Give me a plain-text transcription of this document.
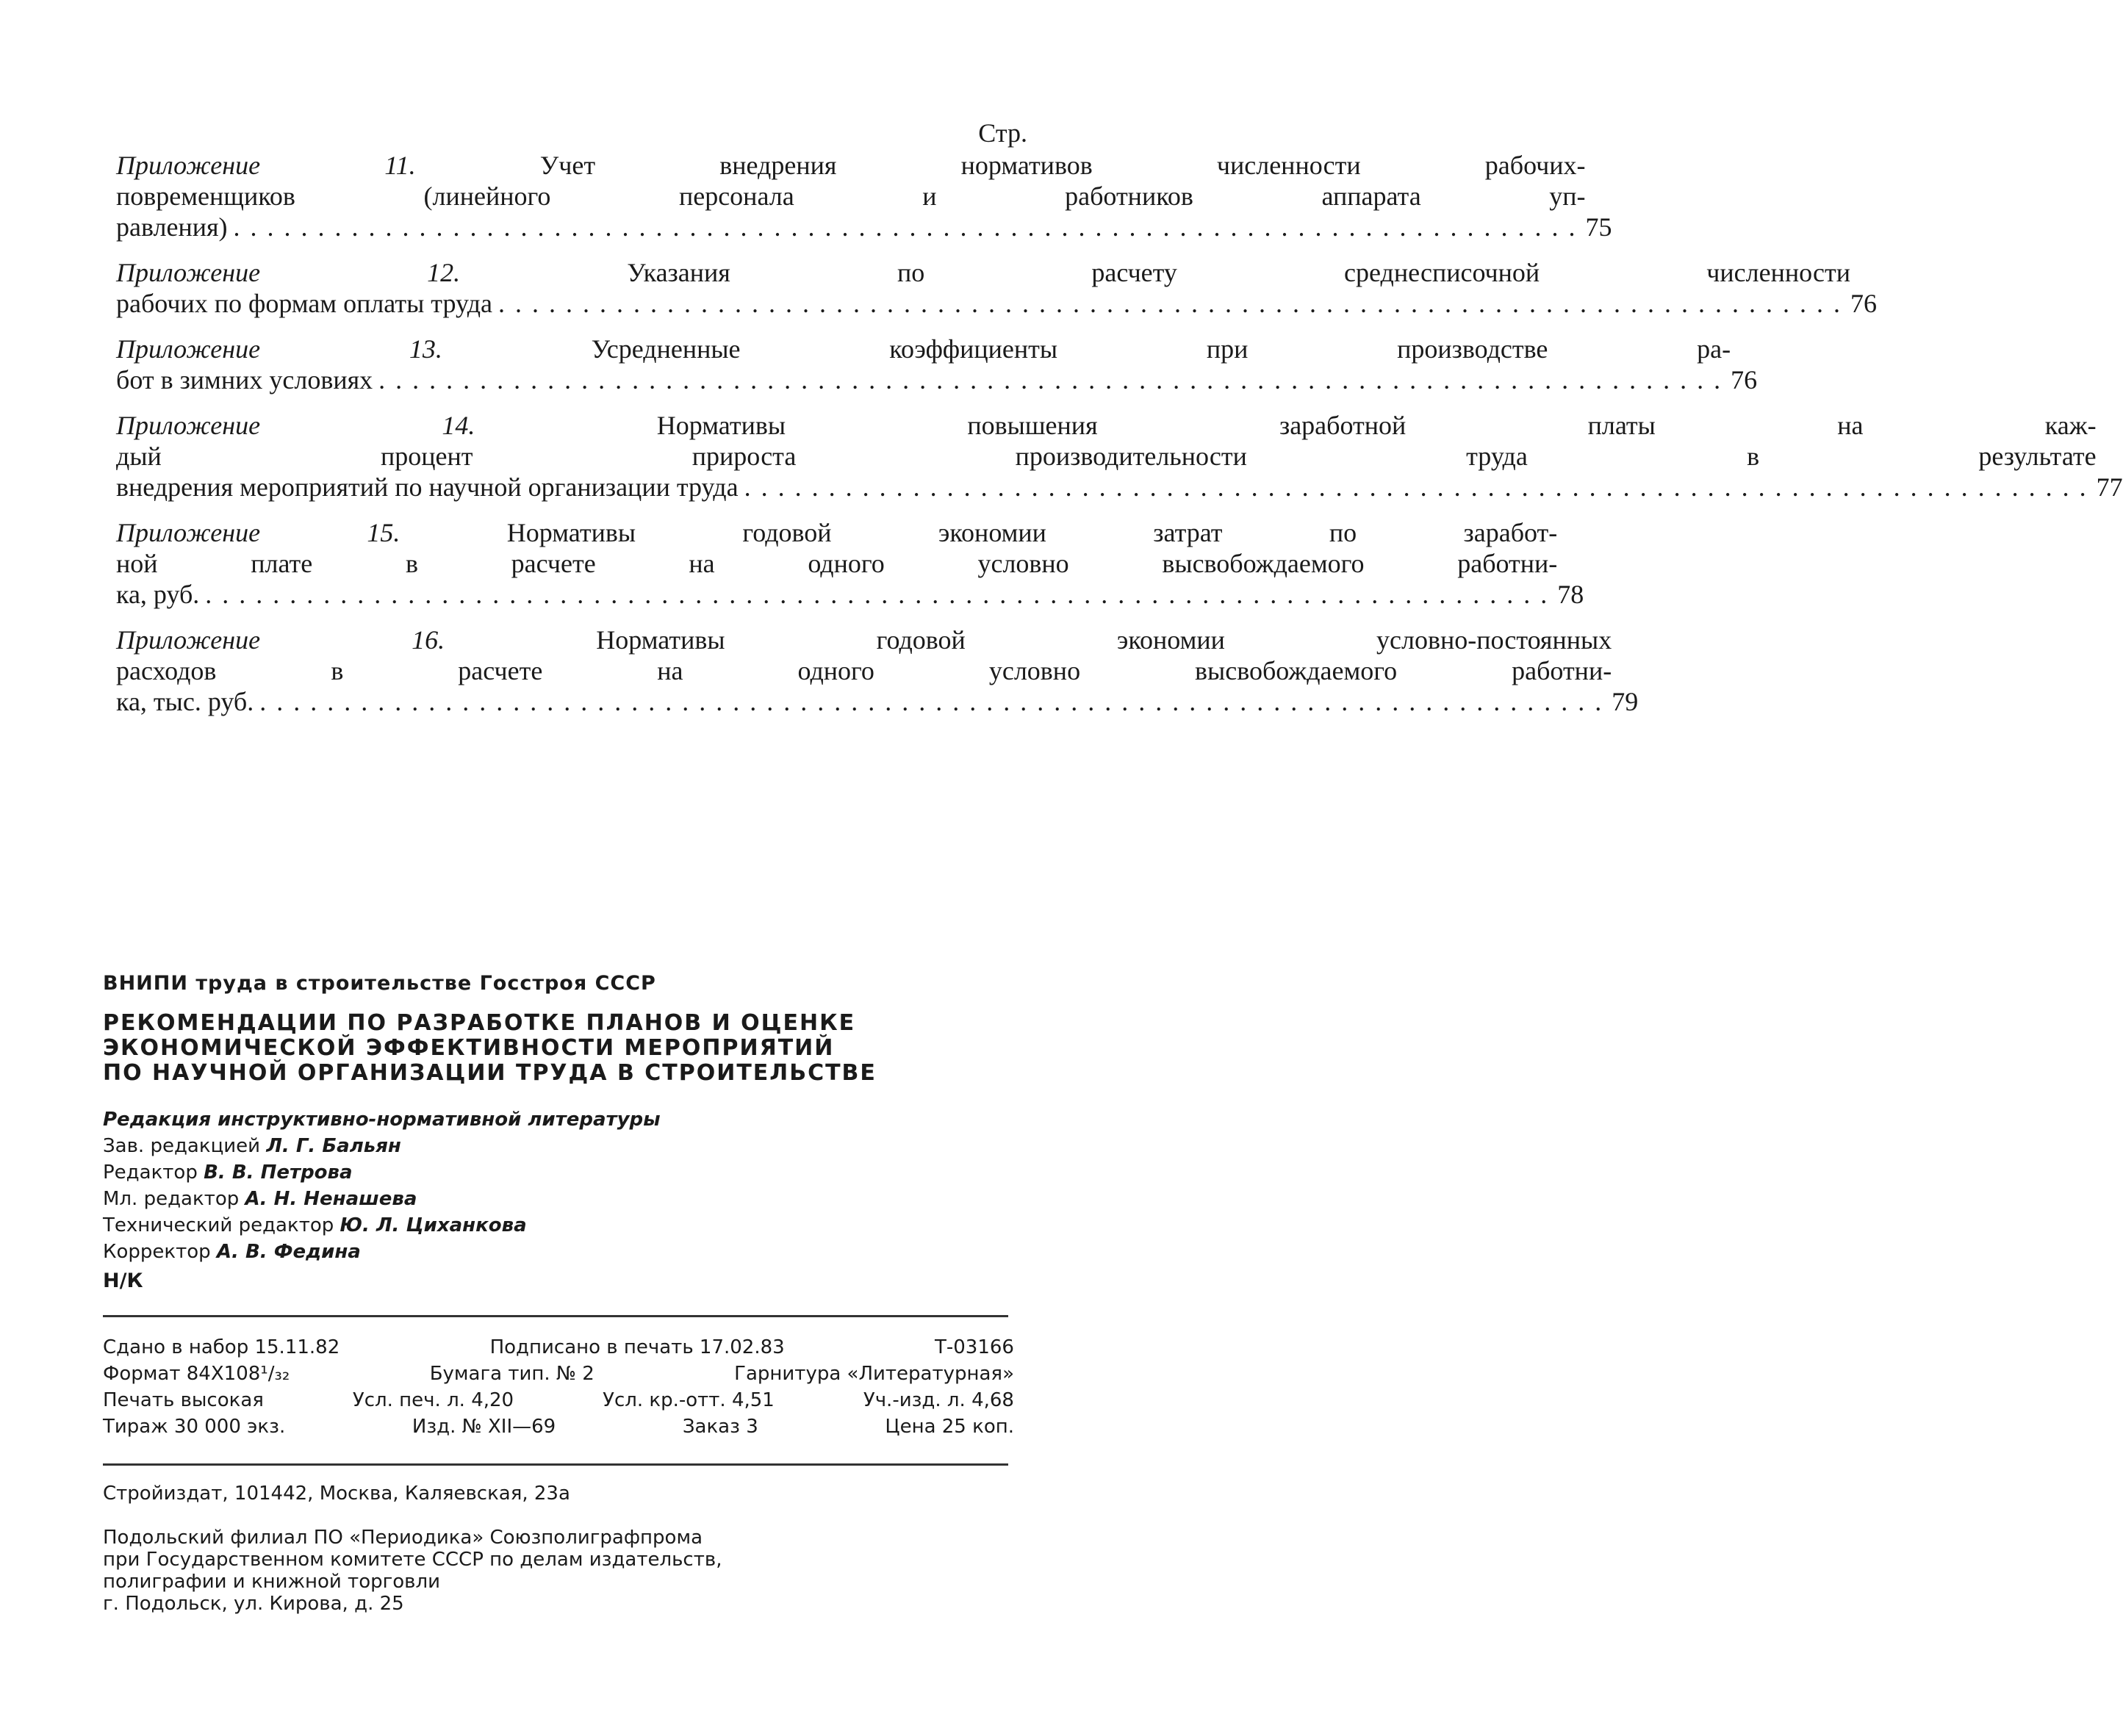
Стр.
Приложение 11. Учет внедрения нормативов численности рабочих-
повременщиков (линейного персонала и работников аппарата уп-
равления) ................................................................................ 75
Приложение 12. Указания по расчету среднесписочной численности
рабочих по формам оплаты труда ................................................................................ 76
Приложение 13. Усредненные коэффициенты при производстве ра-
бот в зимних условиях ................................................................................ 76
Приложение 14. Нормативы повышения заработной платы на каж-
дый процент прироста производительности труда в результате
внедрения мероприятий по научной организации труда ................................................................................ 77
Приложение 15. Нормативы годовой экономии затрат по заработ-
ной плате в расчете на одного условно высвобождаемого работни-
ка, руб. ................................................................................ 78
Приложение 16. Нормативы годовой экономии условно-постоянных
расходов в расчете на одного условно высвобождаемого работни-
ка, тыс. руб. ................................................................................ 79
ВНИПИ труда в строительстве Госстроя СССР
РЕКОМЕНДАЦИИ ПО РАЗРАБОТКЕ ПЛАНОВ И ОЦЕНКЕ
ЭКОНОМИЧЕСКОЙ ЭФФЕКТИВНОСТИ МЕРОПРИЯТИЙ
ПО НАУЧНОЙ ОРГАНИЗАЦИИ ТРУДА В СТРОИТЕЛЬСТВЕ
Редакция инструктивно-нормативной литературы
Зав. редакцией Л. Г. Бальян
Редактор В. В. Петрова
Мл. редактор А. Н. Ненашева
Технический редактор Ю. Л. Циханкова
Корректор А. В. Федина
Н/К
Сдано в набор 15.11.82	Подписано в печать 17.02.83	Т-03166
Формат 84X108¹/₃₂	Бумага тип. № 2	Гарнитура «Литературная»
Печать высокая	Усл. печ. л. 4,20	Усл. кр.-отт. 4,51	Уч.-изд. л. 4,68
Тираж 30 000 экз.	Изд. № XII—69	Заказ 3	Цена 25 коп.
Стройиздат, 101442, Москва, Каляевская, 23а
Подольский филиал ПО «Периодика» Союзполиграфпрома
при Государственном комитете СССР по делам издательств,
полиграфии и книжной торговли
г. Подольск, ул. Кирова, д. 25
